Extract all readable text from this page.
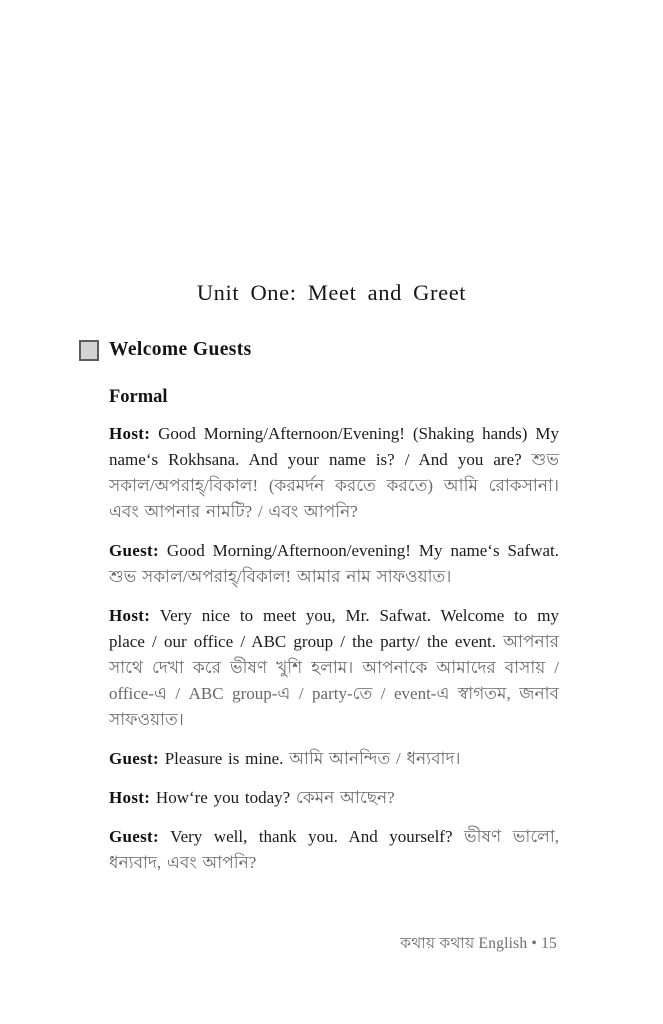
Unit One: Meet and Greet
Welcome Guests
Formal

Host: Good Morning/Afternoon/Evening! (Shaking hands) My name‘s Rokhsana. And your name is? / And you are? শুভ সকাল/অপরাহ্/বিকাল! (করমর্দন করতে করতে) আমি রোকসানা। এবং আপনার নামটি? / এবং আপনি?

Guest: Good Morning/Afternoon/evening! My name‘s Safwat. শুভ সকাল/অপরাহ্/বিকাল! আমার নাম সাফওয়াত।

Host: Very nice to meet you, Mr. Safwat. Welcome to my place / our office / ABC group / the party/ the event. আপনার সাথে দেখা করে ভীষণ খুশি হলাম। আপনাকে আমাদের বাসায় / office-এ / ABC group-এ / party-তে / event-এ স্বাগতম, জনাব সাফওয়াত।

Guest: Pleasure is mine. আমি আনন্দিত / ধন্যবাদ।

Host: How‘re you today? কেমন আছেন?

Guest: Very well, thank you. And yourself? ভীষণ ভালো, ধন্যবাদ, এবং আপনি?

কথায় কথায় English • 15
